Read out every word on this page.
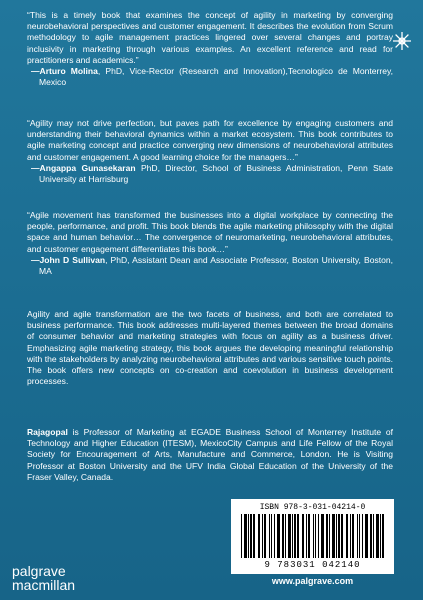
“This is a timely book that examines the concept of agility in marketing by converging neurobehavioral perspectives and customer engagement. It describes the evolution from Scrum methodology to agile management practices lingered over several changes and portray inclusivity in marketing through various examples. An excellent reference and read for practitioners and academics.”

—Arturo Molina, PhD, Vice-Rector (Research and Innovation),Tecnologico de Monterrey, Mexico

“Agility may not drive perfection, but paves path for excellence by engaging customers and understanding their behavioral dynamics within a market ecosystem. This book contributes to agile marketing concept and practice converging new dimensions of neurobehavioral attributes and customer engagement. A good learning choice for the managers…”

—Angappa Gunasekaran PhD, Director, School of Business Administration, Penn State University at Harrisburg

“Agile movement has transformed the businesses into a digital workplace by connecting the people, performance, and profit. This book blends the agile marketing philosophy with the digital space and human behavior… The convergence of neuromarketing, neurobehavioral attributes, and customer engagement differentiates this book…”

—John D Sullivan, PhD, Assistant Dean and Associate Professor, Boston University, Boston, MA

Agility and agile transformation are the two facets of business, and both are correlated to business performance. This book addresses multi-layered themes between the broad domains of consumer behavior and marketing strategies with focus on agility as a business driver. Emphasizing agile marketing strategy, this book argues the developing meaningful relationship with the stakeholders by analyzing neurobehavioral attributes and various sensitive touch points. The book offers new concepts on co-creation and coevolution in business development processes.

Rajagopal is Professor of Marketing at EGADE Business School of Monterrey Institute of Technology and Higher Education (ITESM), MexicoCity Campus and Life Fellow of the Royal Society for Encouragement of Arts, Manufacture and Commerce, London. He is Visiting Professor at Boston University and the UFV India Global Education of the University of the Fraser Valley, Canada.

ISBN 978-3-031-04214-0
9 783031 042140
www.palgrave.com
palgrave
macmillan
